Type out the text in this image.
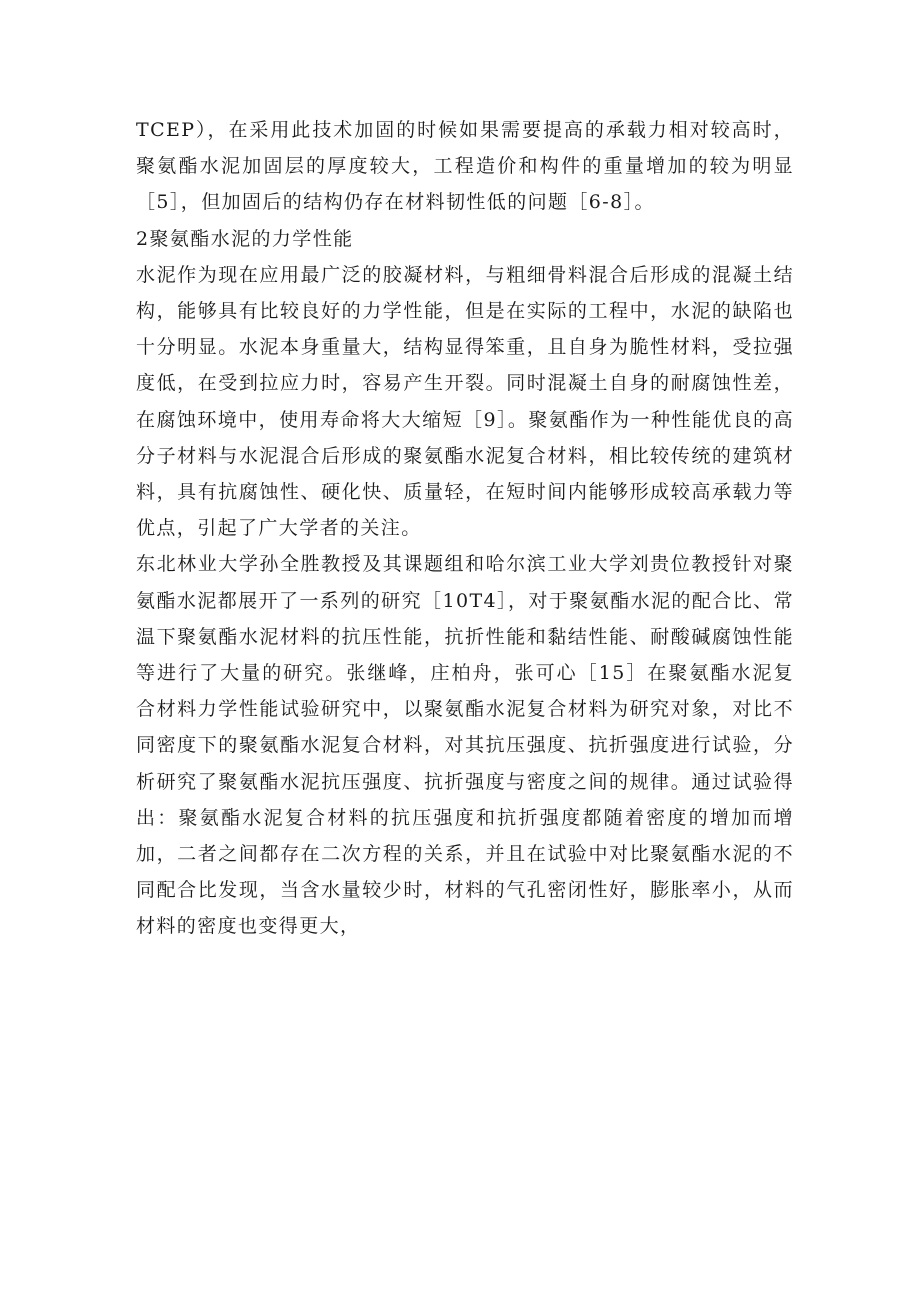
TCEP），在采用此技术加固的时候如果需要提高的承载力相对较高时，聚氨酯水泥加固层的厚度较大，工程造价和构件的重量增加的较为明显［5］，但加固后的结构仍存在材料韧性低的问题［6-8］。

2聚氨酯水泥的力学性能

水泥作为现在应用最广泛的胶凝材料，与粗细骨料混合后形成的混凝土结构，能够具有比较良好的力学性能，但是在实际的工程中，水泥的缺陷也十分明显。水泥本身重量大，结构显得笨重，且自身为脆性材料，受拉强度低，在受到拉应力时，容易产生开裂。同时混凝土自身的耐腐蚀性差，在腐蚀环境中，使用寿命将大大缩短［9］。聚氨酯作为一种性能优良的高分子材料与水泥混合后形成的聚氨酯水泥复合材料，相比较传统的建筑材料，具有抗腐蚀性、硬化快、质量轻，在短时间内能够形成较高承载力等优点，引起了广大学者的关注。

东北林业大学孙全胜教授及其课题组和哈尔滨工业大学刘贵位教授针对聚氨酯水泥都展开了一系列的研究［10T4］，对于聚氨酯水泥的配合比、常温下聚氨酯水泥材料的抗压性能，抗折性能和黏结性能、耐酸碱腐蚀性能等进行了大量的研究。张继峰，庄柏舟，张可心［15］在聚氨酯水泥复合材料力学性能试验研究中，以聚氨酯水泥复合材料为研究对象，对比不同密度下的聚氨酯水泥复合材料，对其抗压强度、抗折强度进行试验，分析研究了聚氨酯水泥抗压强度、抗折强度与密度之间的规律。通过试验得出：聚氨酯水泥复合材料的抗压强度和抗折强度都随着密度的增加而增加，二者之间都存在二次方程的关系，并且在试验中对比聚氨酯水泥的不同配合比发现，当含水量较少时，材料的气孔密闭性好，膨胀率小，从而材料的密度也变得更大，
